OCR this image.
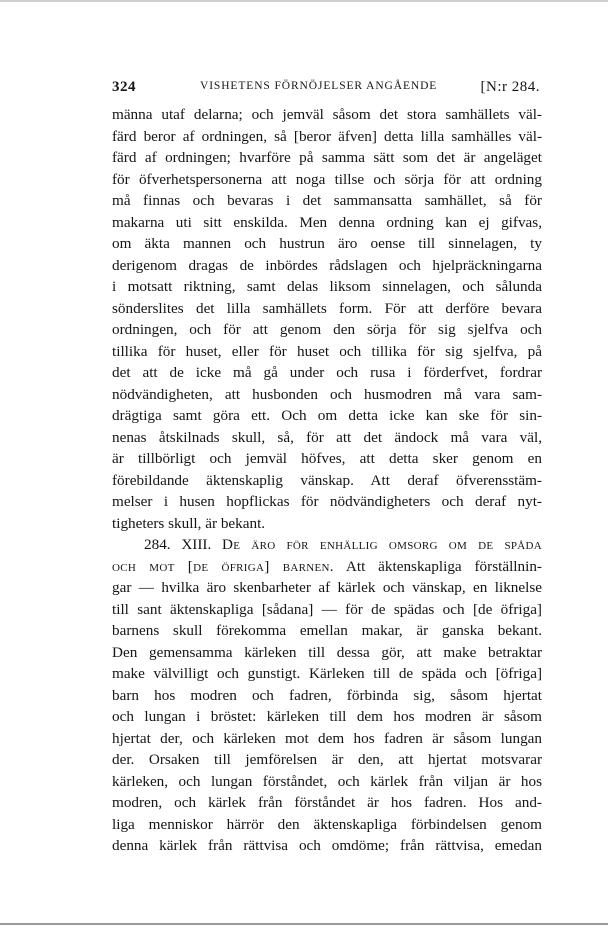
324	VISHETENS FÖRNÖJELSER ANGÅENDE	[N:r 284.
männa utaf delarna; och jemväl såsom det stora samhällets väl-
färd beror af ordningen, så [beror äfven] detta lilla samhälles väl-
färd af ordningen; hvarföre på samma sätt som det är angeläget
för öfverhetspersonerna att noga tillse och sörja för att ordning
må finnas och bevaras i det sammansatta samhället, så för
makarna uti sitt enskilda. Men denna ordning kan ej gifvas,
om äkta mannen och hustrun äro oense till sinnelagen, ty
derigenom dragas de inbördes rådslagen och hjelpräckningarna
i motsatt riktning, samt delas liksom sinnelagen, och sålunda
sönderslites det lilla samhällets form. För att derföre bevara
ordningen, och för att genom den sörja för sig sjelfva och
tillika för huset, eller för huset och tillika för sig sjelfva, på
det att de icke må gå under och rusa i förderfvet, fordrar
nödvändigheten, att husbonden och husmodren må vara sam-
drägtiga samt göra ett. Och om detta icke kan ske för sin-
nenas åtskilnads skull, så, för att det ändock må vara väl,
är tillbörligt och jemväl höfves, att detta sker genom en
förebildande äktenskaplig vänskap. Att deraf öfverensstäm-
melser i husen hopflickas för nödvändigheters och deraf nyt-
tigheters skull, är bekant.
284. XIII. De äro för enhällig omsorg om de spåda
och mot [de öfriga] barnen. Att äktenskapliga förställnin-
gar — hvilka äro skenbarheter af kärlek och vänskap, en liknelse
till sant äktenskapliga [sådana] — för de spädas och [de öfriga]
barnens skull förekomma emellan makar, är ganska bekant.
Den gemensamma kärleken till dessa gör, att make betraktar
make välvilligt och gunstigt. Kärleken till de späda och [öfriga]
barn hos modren och fadren, förbinda sig, såsom hjertat
och lungan i bröstet: kärleken till dem hos modren är såsom
hjertat der, och kärleken mot dem hos fadren är såsom lungan
der. Orsaken till jemförelsen är den, att hjertat motsvarar
kärleken, och lungan förståndet, och kärlek från viljan är hos
modren, och kärlek från förståndet är hos fadren. Hos and-
liga menniskor härrör den äktenskapliga förbindelsen genom
denna kärlek från rättvisa och omdöme; från rättvisa, emedan
